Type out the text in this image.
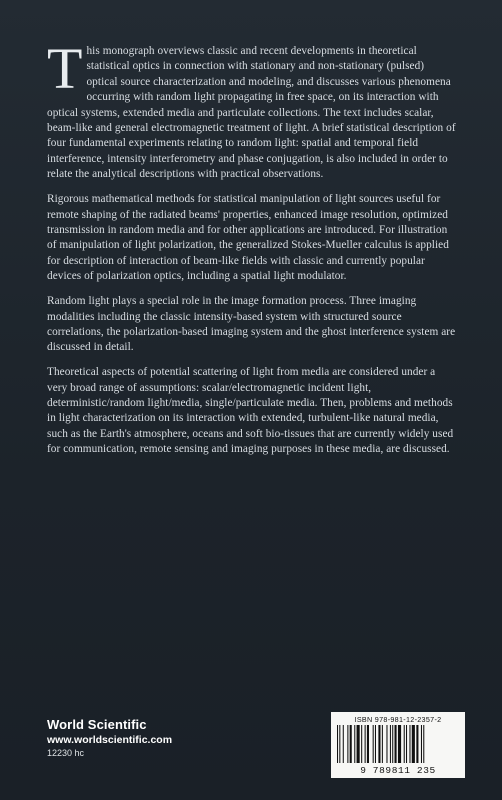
This monograph overviews classic and recent developments in theoretical statistical optics in connection with stationary and non-stationary (pulsed) optical source characterization and modeling, and discusses various phenomena occurring with random light propagating in free space, on its interaction with optical systems, extended media and particulate collections. The text includes scalar, beam-like and general electromagnetic treatment of light. A brief statistical description of four fundamental experiments relating to random light: spatial and temporal field interference, intensity interferometry and phase conjugation, is also included in order to relate the analytical descriptions with practical observations.

Rigorous mathematical methods for statistical manipulation of light sources useful for remote shaping of the radiated beams' properties, enhanced image resolution, optimized transmission in random media and for other applications are introduced. For illustration of manipulation of light polarization, the generalized Stokes-Mueller calculus is applied for description of interaction of beam-like fields with classic and currently popular devices of polarization optics, including a spatial light modulator.

Random light plays a special role in the image formation process. Three imaging modalities including the classic intensity-based system with structured source correlations, the polarization-based imaging system and the ghost interference system are discussed in detail.

Theoretical aspects of potential scattering of light from media are considered under a very broad range of assumptions: scalar/electromagnetic incident light, deterministic/random light/media, single/particulate media. Then, problems and methods in light characterization on its interaction with extended, turbulent-like natural media, such as the Earth's atmosphere, oceans and soft bio-tissues that are currently widely used for communication, remote sensing and imaging purposes in these media, are discussed.

World Scientific
www.worldscientific.com
12230 hc
ISBN 978-981-12-2357-2
9 789811 235
